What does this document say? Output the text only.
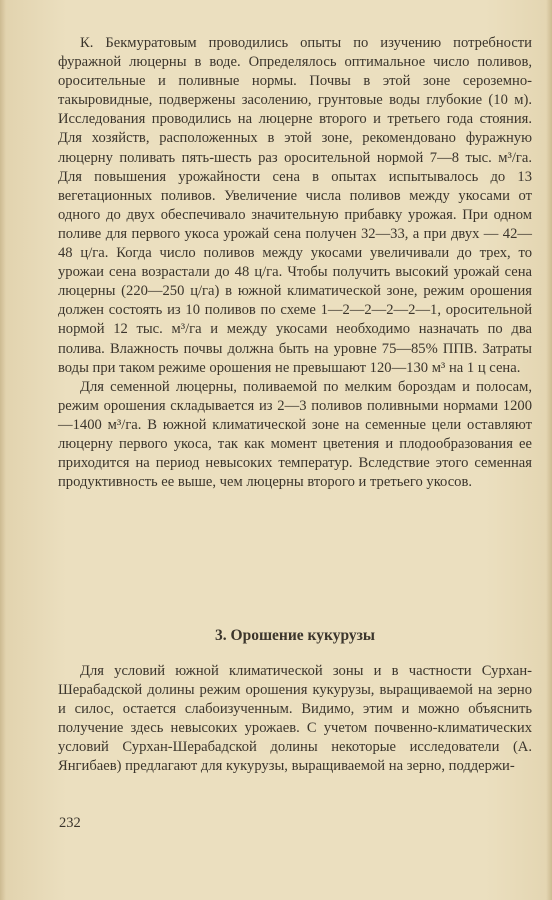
К. Бекмуратовым проводились опыты по изучению потребности фуражной люцерны в воде. Определялось оптимальное число поливов, оросительные и поливные нормы. Почвы в этой зоне сероземно-такыровидные, подвержены засолению, грунтовые воды глубокие (10 м). Исследования проводились на люцерне второго и третьего года стояния. Для хозяйств, расположенных в этой зоне, рекомендовано фуражную люцерну поливать пять-шесть раз оросительной нормой 7—8 тыс. м³/га. Для повышения урожайности сена в опытах испытывалось до 13 вегетационных поливов. Увеличение числа поливов между укосами от одного до двух обеспечивало значительную прибавку урожая. При одном поливе для первого укоса урожай сена получен 32—33, а при двух — 42—48 ц/га. Когда число поливов между укосами увеличивали до трех, то урожаи сена возрастали до 48 ц/га. Чтобы получить высокий урожай сена люцерны (220—250 ц/га) в южной климатической зоне, режим орошения должен состоять из 10 поливов по схеме 1—2—2—2—2—1, оросительной нормой 12 тыс. м³/га и между укосами необходимо назначать по два полива. Влажность почвы должна быть на уровне 75—85% ППВ. Затраты воды при таком режиме орошения не превышают 120—130 м³ на 1 ц сена.

Для семенной люцерны, поливаемой по мелким бороздам и полосам, режим орошения складывается из 2—3 поливов поливными нормами 1200—1400 м³/га. В южной климатической зоне на семенные цели оставляют люцерну первого укоса, так как момент цветения и плодообразования ее приходится на период невысоких температур. Вследствие этого семенная продуктивность ее выше, чем люцерны второго и третьего укосов.

3. Орошение кукурузы

Для условий южной климатической зоны и в частности Сурхан-Шерабадской долины режим орошения кукурузы, выращиваемой на зерно и силос, остается слабоизученным. Видимо, этим и можно объяснить получение здесь невысоких урожаев. С учетом почвенно-климатических условий Сурхан-Шерабадской долины некоторые исследователи (А. Янгибаев) предлагают для кукурузы, выращиваемой на зерно, поддержи-

232
